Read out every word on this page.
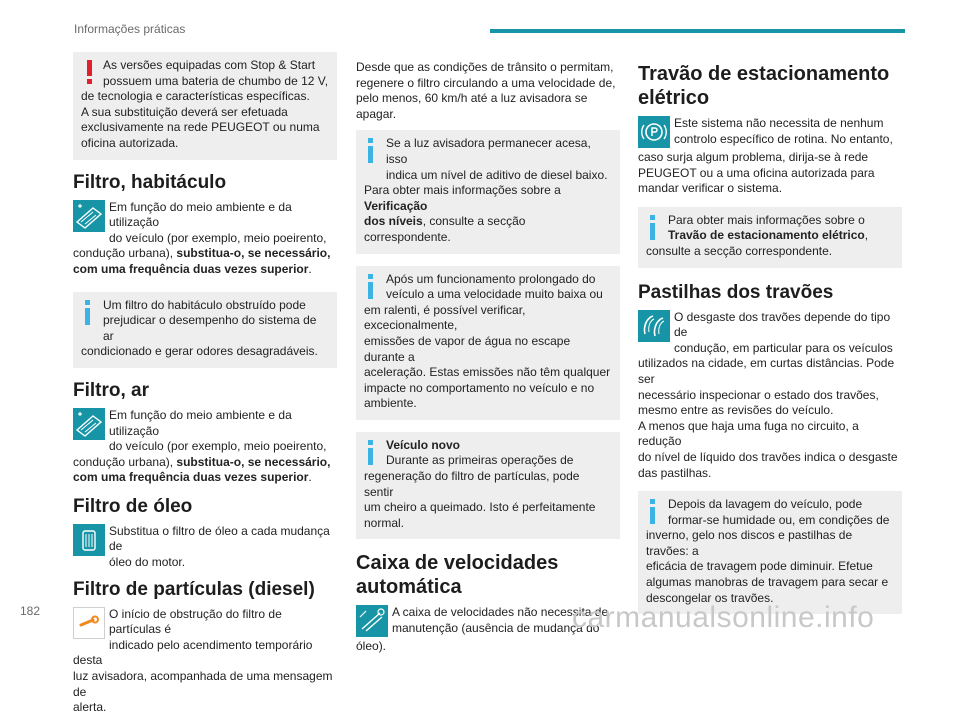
Informações práticas
182
As versões equipadas com Stop & Start
possuem uma bateria de chumbo de 12 V,

de tecnologia e características específicas.

A sua substituição deverá ser efetuada

exclusivamente na rede PEUGEOT ou numa

oficina autorizada.

Filtro, habitáculo

Em função do meio ambiente e da utilização

do veículo (por exemplo, meio poeirento,

condução urbana), substitua-o, se necessário,

com uma frequência duas vezes superior.

Um filtro do habitáculo obstruído pode
prejudicar o desempenho do sistema de ar

condicionado e gerar odores desagradáveis.

Filtro, ar

Em função do meio ambiente e da utilização

do veículo (por exemplo, meio poeirento,

condução urbana), substitua-o, se necessário,

com uma frequência duas vezes superior.

Filtro de óleo

Substitua o filtro de óleo a cada mudança de

óleo do motor.

Filtro de partículas (diesel)

O início de obstrução do filtro de partículas é

indicado pelo acendimento temporário desta

luz avisadora, acompanhada de uma mensagem de

alerta.

Desde que as condições de trânsito o permitam,

regenere o filtro circulando a uma velocidade de,

pelo menos, 60 km/h até a luz avisadora se apagar.

Se a luz avisadora permanecer acesa, isso
indica um nível de aditivo de diesel baixo.

Para obter mais informações sobre a Verificação

dos níveis, consulte a secção correspondente.

Após um funcionamento prolongado do
veículo a uma velocidade muito baixa ou

em ralenti, é possível verificar, excecionalmente,

emissões de vapor de água no escape durante a

aceleração. Estas emissões não têm qualquer

impacte no comportamento no veículo e no

ambiente.

Veículo novo
Durante as primeiras operações de

regeneração do filtro de partículas, pode sentir

um cheiro a queimado. Isto é perfeitamente

normal.

Caixa de velocidades
automática

A caixa de velocidades não necessita de

manutenção (ausência de mudança do

óleo).

Travão de estacionamento
elétrico

Este sistema não necessita de nenhum

controlo específico de rotina. No entanto,

caso surja algum problema, dirija-se à rede

PEUGEOT ou a uma oficina autorizada para

mandar verificar o sistema.

Para obter mais informações sobre o
Travão de estacionamento elétrico,

consulte a secção correspondente.

Pastilhas dos travões

O desgaste dos travões depende do tipo de

condução, em particular para os veículos

utilizados na cidade, em curtas distâncias. Pode ser

necessário inspecionar o estado dos travões,

mesmo entre as revisões do veículo.

A menos que haja uma fuga no circuito, a redução

do nível de líquido dos travões indica o desgaste

das pastilhas.

Depois da lavagem do veículo, pode
formar-se humidade ou, em condições de

inverno, gelo nos discos e pastilhas de travões: a

eficácia de travagem pode diminuir. Efetue

algumas manobras de travagem para secar e

descongelar os travões.

carmanualsonline.info
